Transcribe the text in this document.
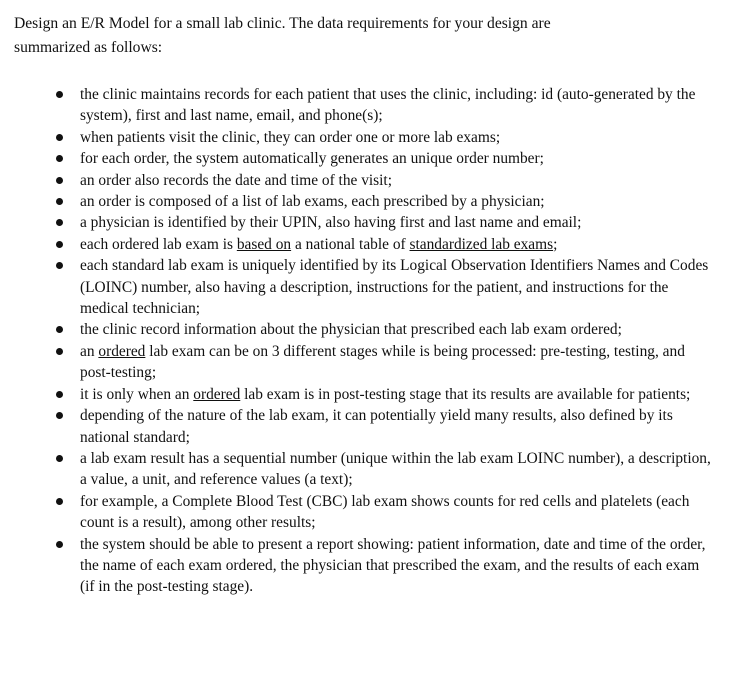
Design an E/R Model for a small lab clinic. The data requirements for your design are
summarized as follows:

the clinic maintains records for each patient that uses the clinic, including: id (auto-generated by the system), first and last name, email, and phone(s);
when patients visit the clinic, they can order one or more lab exams;
for each order, the system automatically generates an unique order number;
an order also records the date and time of the visit;
an order is composed of a list of lab exams, each prescribed by a physician;
a physician is identified by their UPIN, also having first and last name and email;
each ordered lab exam is based on a national table of standardized lab exams;
each standard lab exam is uniquely identified by its Logical Observation Identifiers Names and Codes (LOINC) number, also having a description, instructions for the patient, and instructions for the medical technician;
the clinic record information about the physician that prescribed each lab exam ordered;
an ordered lab exam can be on 3 different stages while is being processed: pre-testing, testing, and post-testing;
it is only when an ordered lab exam is in post-testing stage that its results are available for patients;
depending of the nature of the lab exam, it can potentially yield many results, also defined by its national standard;
a lab exam result has a sequential number (unique within the lab exam LOINC number), a description, a value, a unit, and reference values (a text);
for example, a Complete Blood Test (CBC) lab exam shows counts for red cells and platelets (each count is a result), among other results;
the system should be able to present a report showing: patient information, date and time of the order, the name of each exam ordered, the physician that prescribed the exam, and the results of each exam (if in the post-testing stage).
